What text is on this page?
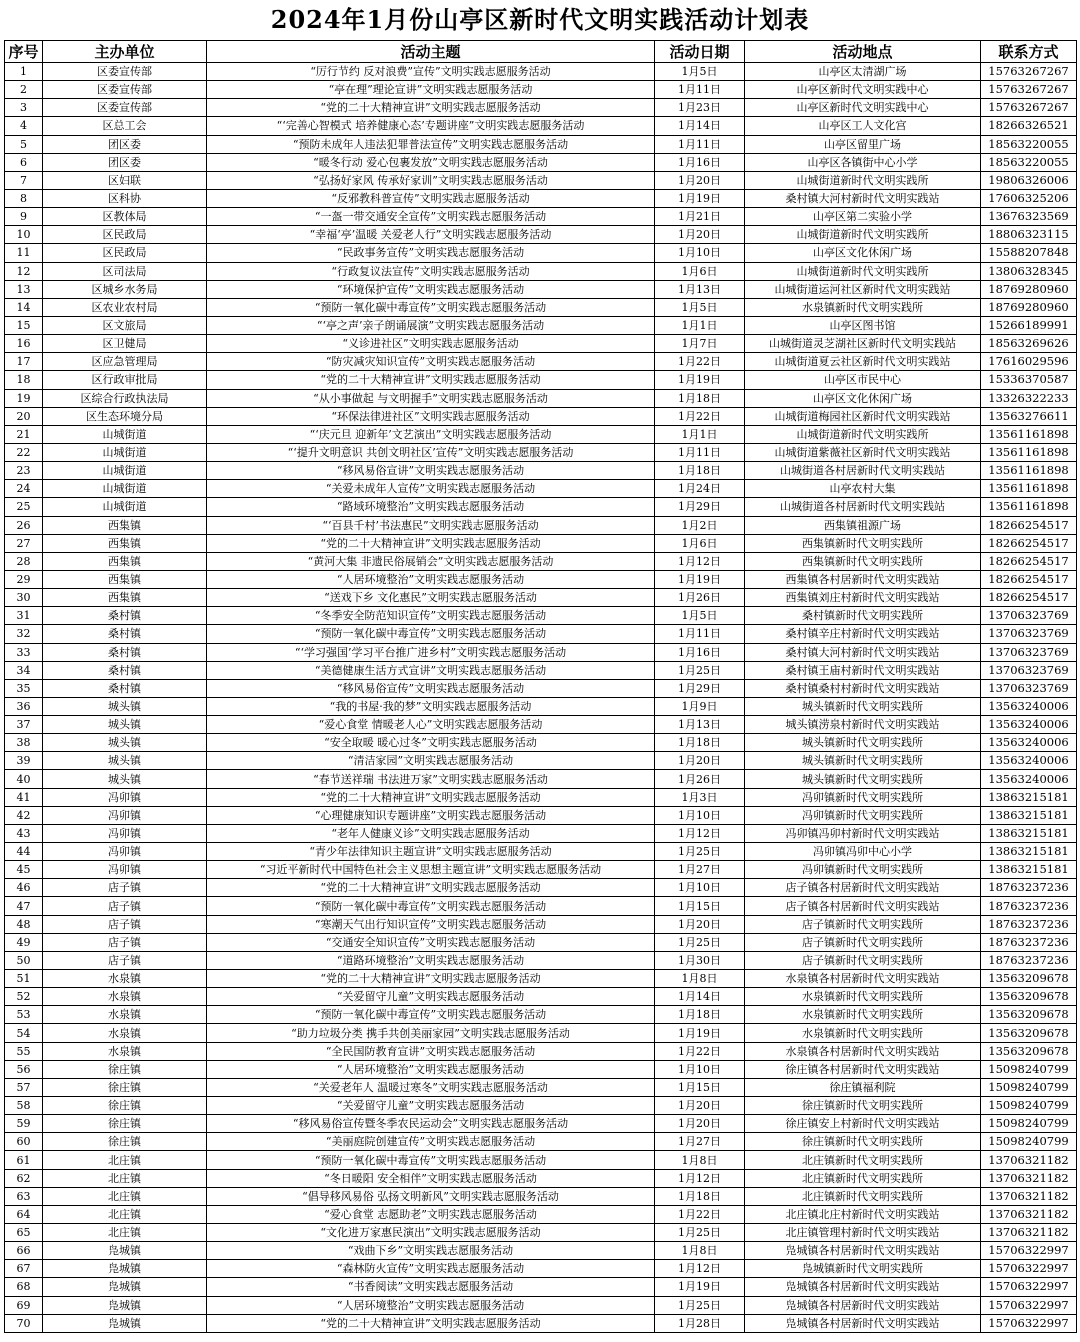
2024年1月份山亭区新时代文明实践活动计划表
序号	主办单位	活动主题	活动日期	活动地点	联系方式
1	区委宣传部	“厉行节约 反对浪费”宣传”文明实践志愿服务活动	1月5日	山亭区太清湖广场	15763267267
2	区委宣传部	“亭在理”理论宣讲”文明实践志愿服务活动	1月11日	山亭区新时代文明实践中心	15763267267
3	区委宣传部	“党的二十大精神宣讲”文明实践志愿服务活动	1月23日	山亭区新时代文明实践中心	15763267267
4	区总工会	“‘完善心智模式 培养健康心态’专题讲座”文明实践志愿服务活动	1月14日	山亭区工人文化宫	18266326521
5	团区委	“预防未成年人违法犯罪普法宣传”文明实践志愿服务活动	1月11日	山亭区留里广场	18563220055
6	团区委	“暖冬行动 爱心包裹发放”文明实践志愿服务活动	1月16日	山亭区各镇街中心小学	18563220055
7	区妇联	“弘扬好家风 传承好家训”文明实践志愿服务活动	1月20日	山城街道新时代文明实践所	19806326006
8	区科协	“反邪教科普宣传”文明实践志愿服务活动	1月19日	桑村镇大河村新时代文明实践站	17606325206
9	区教体局	“一盔一带交通安全宣传”文明实践志愿服务活动	1月21日	山亭区第二实验小学	13676323569
10	区民政局	“幸福‘亭’温暖 关爱老人行”文明实践志愿服务活动	1月20日	山城街道新时代文明实践所	18806323115
11	区民政局	“民政事务宣传”文明实践志愿服务活动	1月10日	山亭区文化休闲广场	15588207848
12	区司法局	“行政复议法宣传”文明实践志愿服务活动	1月6日	山城街道新时代文明实践所	13806328345
13	区城乡水务局	“环境保护宣传”文明实践志愿服务活动	1月13日	山城街道运河社区新时代文明实践站	18769280960
14	区农业农村局	“预防一氧化碳中毒宣传”文明实践志愿服务活动	1月5日	水泉镇新时代文明实践所	18769280960
15	区文旅局	“‘亭之声’亲子朗诵展演”文明实践志愿服务活动	1月1日	山亭区图书馆	15266189991
16	区卫健局	“义诊进社区”文明实践志愿服务活动	1月7日	山城街道灵芝湖社区新时代文明实践站	18563269626
17	区应急管理局	“防灾减灾知识宣传”文明实践志愿服务活动	1月22日	山城街道夏云社区新时代文明实践站	17616029596
18	区行政审批局	“党的二十大精神宣讲”文明实践志愿服务活动	1月19日	山亭区市民中心	15336370587
19	区综合行政执法局	“从小事做起 与文明握手”文明实践志愿服务活动	1月18日	山亭区文化休闲广场	13326322233
20	区生态环境分局	“环保法律进社区”文明实践志愿服务活动	1月22日	山城街道梅园社区新时代文明实践站	13563276611
21	山城街道	“‘庆元旦 迎新年’文艺演出”文明实践志愿服务活动	1月1日	山城街道新时代文明实践所	13561161898
22	山城街道	“‘提升文明意识 共创文明社区’宣传”文明实践志愿服务活动	1月11日	山城街道紫薇社区新时代文明实践站	13561161898
23	山城街道	“移风易俗宣讲”文明实践志愿服务活动	1月18日	山城街道各村居新时代文明实践站	13561161898
24	山城街道	“关爱未成年人宣传”文明实践志愿服务活动	1月24日	山亭农村大集	13561161898
25	山城街道	“路域环境整治”文明实践志愿服务活动	1月29日	山城街道各村居新时代文明实践站	13561161898
26	西集镇	“‘百县千村’书法惠民”文明实践志愿服务活动	1月2日	西集镇祖源广场	18266254517
27	西集镇	“党的二十大精神宣讲”文明实践志愿服务活动	1月6日	西集镇新时代文明实践所	18266254517
28	西集镇	“黄河大集 非遗民俗展销会”文明实践志愿服务活动	1月12日	西集镇新时代文明实践所	18266254517
29	西集镇	“人居环境整治”文明实践志愿服务活动	1月19日	西集镇各村居新时代文明实践站	18266254517
30	西集镇	“送戏下乡 文化惠民”文明实践志愿服务活动	1月26日	西集镇刘庄村新时代文明实践站	18266254517
31	桑村镇	“冬季安全防范知识宣传”文明实践志愿服务活动	1月5日	桑村镇新时代文明实践所	13706323769
32	桑村镇	“预防一氧化碳中毒宣传”文明实践志愿服务活动	1月11日	桑村镇辛庄村新时代文明实践站	13706323769
33	桑村镇	“‘学习强国’学习平台推广进乡村”文明实践志愿服务活动	1月16日	桑村镇大河村新时代文明实践站	13706323769
34	桑村镇	“美德健康生活方式宣讲”文明实践志愿服务活动	1月25日	桑村镇王庙村新时代文明实践站	13706323769
35	桑村镇	“移风易俗宣传”文明实践志愿服务活动	1月29日	桑村镇桑村村新时代文明实践站	13706323769
36	城头镇	“我的书屋·我的梦”文明实践志愿服务活动	1月9日	城头镇新时代文明实践所	13563240006
37	城头镇	“爱心食堂 情暖老人心”文明实践志愿服务活动	1月13日	城头镇涝泉村新时代文明实践站	13563240006
38	城头镇	“安全取暖 暖心过冬”文明实践志愿服务活动	1月18日	城头镇新时代文明实践所	13563240006
39	城头镇	“清洁家园”文明实践志愿服务活动	1月20日	城头镇新时代文明实践所	13563240006
40	城头镇	“春节送祥瑞 书法进万家”文明实践志愿服务活动	1月26日	城头镇新时代文明实践所	13563240006
41	冯卯镇	“党的二十大精神宣讲”文明实践志愿服务活动	1月3日	冯卯镇新时代文明实践所	13863215181
42	冯卯镇	“心理健康知识专题讲座”文明实践志愿服务活动	1月10日	冯卯镇新时代文明实践所	13863215181
43	冯卯镇	“老年人健康义诊”文明实践志愿服务活动	1月12日	冯卯镇冯卯村新时代文明实践站	13863215181
44	冯卯镇	“青少年法律知识主题宣讲”文明实践志愿服务活动	1月25日	冯卯镇冯卯中心小学	13863215181
45	冯卯镇	“习近平新时代中国特色社会主义思想主题宣讲”文明实践志愿服务活动	1月27日	冯卯镇新时代文明实践所	13863215181
46	店子镇	“党的二十大精神宣讲”文明实践志愿服务活动	1月10日	店子镇各村居新时代文明实践站	18763237236
47	店子镇	“预防一氧化碳中毒宣传”文明实践志愿服务活动	1月15日	店子镇各村居新时代文明实践站	18763237236
48	店子镇	“寒潮天气出行知识宣传”文明实践志愿服务活动	1月20日	店子镇新时代文明实践所	18763237236
49	店子镇	“交通安全知识宣传”文明实践志愿服务活动	1月25日	店子镇新时代文明实践所	18763237236
50	店子镇	“道路环境整治”文明实践志愿服务活动	1月30日	店子镇新时代文明实践所	18763237236
51	水泉镇	“党的二十大精神宣讲”文明实践志愿服务活动	1月8日	水泉镇各村居新时代文明实践站	13563209678
52	水泉镇	“关爱留守儿童”文明实践志愿服务活动	1月14日	水泉镇新时代文明实践所	13563209678
53	水泉镇	“预防一氧化碳中毒宣传”文明实践志愿服务活动	1月18日	水泉镇新时代文明实践所	13563209678
54	水泉镇	“助力垃圾分类 携手共创美丽家园”文明实践志愿服务活动	1月19日	水泉镇新时代文明实践所	13563209678
55	水泉镇	“全民国防教育宣讲”文明实践志愿服务活动	1月22日	水泉镇各村居新时代文明实践站	13563209678
56	徐庄镇	“人居环境整治”文明实践志愿服务活动	1月10日	徐庄镇各村居新时代文明实践站	15098240799
57	徐庄镇	“关爱老年人 温暖过寒冬”文明实践志愿服务活动	1月15日	徐庄镇福利院	15098240799
58	徐庄镇	“关爱留守儿童”文明实践志愿服务活动	1月20日	徐庄镇新时代文明实践所	15098240799
59	徐庄镇	“移风易俗宣传暨冬季农民运动会”文明实践志愿服务活动	1月20日	徐庄镇安上村新时代文明实践站	15098240799
60	徐庄镇	“美丽庭院创建宣传”文明实践志愿服务活动	1月27日	徐庄镇新时代文明实践所	15098240799
61	北庄镇	“预防一氧化碳中毒宣传”文明实践志愿服务活动	1月8日	北庄镇新时代文明实践所	13706321182
62	北庄镇	“冬日暖阳 安全相伴”文明实践志愿服务活动	1月12日	北庄镇新时代文明实践所	13706321182
63	北庄镇	“倡导移风易俗 弘扬文明新风”文明实践志愿服务活动	1月18日	北庄镇新时代文明实践所	13706321182
64	北庄镇	“爱心食堂 志愿助老”文明实践志愿服务活动	1月22日	北庄镇北庄村新时代文明实践站	13706321182
65	北庄镇	“文化进万家惠民演出”文明实践志愿服务活动	1月25日	北庄镇管理村新时代文明实践站	13706321182
66	凫城镇	“戏曲下乡”文明实践志愿服务活动	1月8日	凫城镇各村居新时代文明实践站	15706322997
67	凫城镇	“森林防火宣传”文明实践志愿服务活动	1月12日	凫城镇新时代文明实践所	15706322997
68	凫城镇	“书香阅读”文明实践志愿服务活动	1月19日	凫城镇各村居新时代文明实践站	15706322997
69	凫城镇	“人居环境整治”文明实践志愿服务活动	1月25日	凫城镇各村居新时代文明实践站	15706322997
70	凫城镇	“党的二十大精神宣讲”文明实践志愿服务活动	1月28日	凫城镇各村居新时代文明实践站	15706322997
